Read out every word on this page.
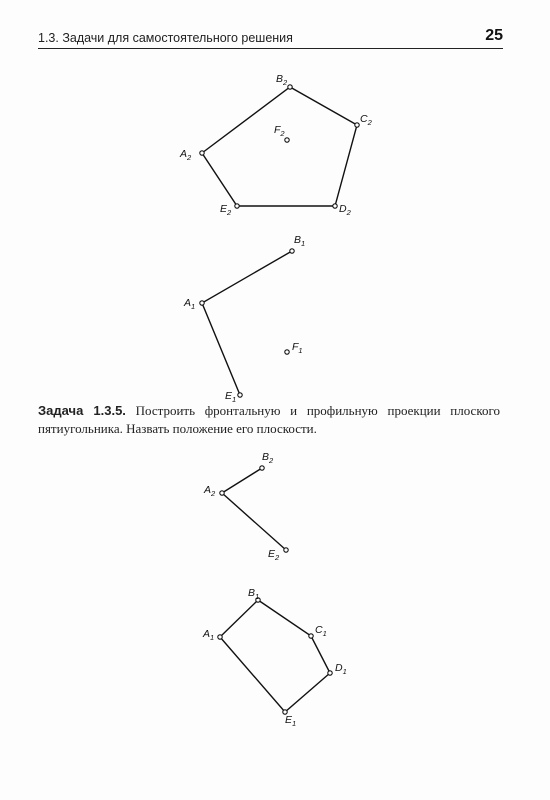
1.3. Задачи для самостоятельного решения	25
$A_2$
$B_2$
$C_2$
$D_2$
$E_2$
$F_2$
$B_1$
$A_1$
$F_1$
$E_1$
$B_2$
$A_2$
$E_2$
$B_1$
$C_1$
$A_1$
$D_1$
$E_1$
Задача 1.3.5. Построить фронтальную и профильную проекции плоского пятиугольника. Назвать положение его плоскости.
